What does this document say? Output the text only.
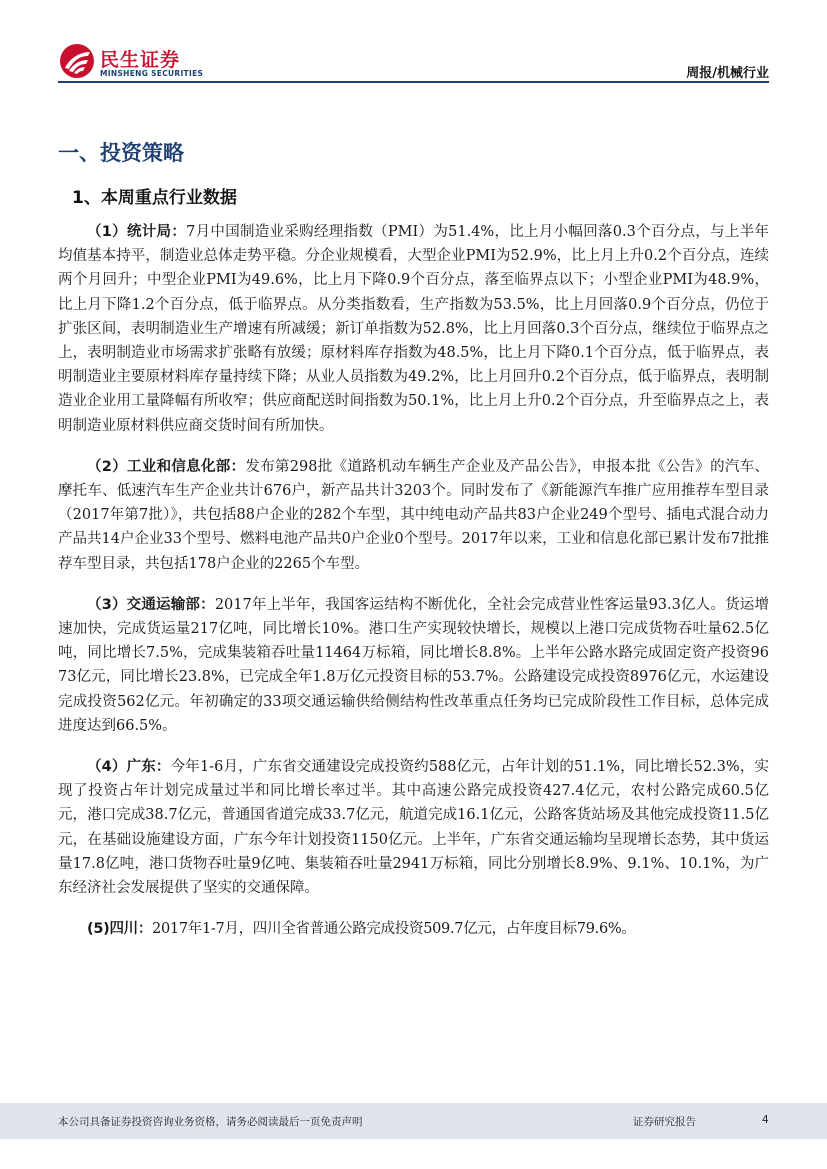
民生证券
MINSHENG SECURITIES	周报/机械行业
一、投资策略
1、本周重点行业数据

（1）统计局：7月中国制造业采购经理指数（PMI）为51.4%，比上月小幅回落0.3个百分点，与上半年均值基本持平，制造业总体走势平稳。分企业规模看，大型企业PMI为52.9%，比上月上升0.2个百分点，连续两个月回升；中型企业PMI为49.6%，比上月下降0.9个百分点，落至临界点以下；小型企业PMI为48.9%，比上月下降1.2个百分点，低于临界点。从分类指数看，生产指数为53.5%，比上月回落0.9个百分点，仍位于扩张区间，表明制造业生产增速有所减缓；新订单指数为52.8%，比上月回落0.3个百分点，继续位于临界点之上，表明制造业市场需求扩张略有放缓；原材料库存指数为48.5%，比上月下降0.1个百分点，低于临界点，表明制造业主要原材料库存量持续下降；从业人员指数为49.2%，比上月回升0.2个百分点，低于临界点，表明制造业企业用工量降幅有所收窄；供应商配送时间指数为50.1%，比上月上升0.2个百分点，升至临界点之上，表明制造业原材料供应商交货时间有所加快。

（2）工业和信息化部：发布第298批《道路机动车辆生产企业及产品公告》，申报本批《公告》的汽车、摩托车、低速汽车生产企业共计676户，新产品共计3203个。同时发布了《新能源汽车推广应用推荐车型目录（2017年第7批）》，共包括88户企业的282个车型，其中纯电动产品共83户企业249个型号、插电式混合动力产品共14户企业33个型号、燃料电池产品共0户企业0个型号。2017年以来，工业和信息化部已累计发布7批推荐车型目录，共包括178户企业的2265个车型。

（3）交通运输部：2017年上半年，我国客运结构不断优化，全社会完成营业性客运量93.3亿人。货运增速加快，完成货运量217亿吨，同比增长10%。港口生产实现较快增长，规模以上港口完成货物吞吐量62.5亿吨，同比增长7.5%，完成集装箱吞吐量11464万标箱，同比增长8.8%。上半年公路水路完成固定资产投资9673亿元，同比增长23.8%，已完成全年1.8万亿元投资目标的53.7%。公路建设完成投资8976亿元，水运建设完成投资562亿元。年初确定的33项交通运输供给侧结构性改革重点任务均已完成阶段性工作目标，总体完成进度达到66.5%。

（4）广东：今年1-6月，广东省交通建设完成投资约588亿元，占年计划的51.1%，同比增长52.3%，实现了投资占年计划完成量过半和同比增长率过半。其中高速公路完成投资427.4亿元，农村公路完成60.5亿元，港口完成38.7亿元，普通国省道完成33.7亿元，航道完成16.1亿元，公路客货站场及其他完成投资11.5亿元，在基础设施建设方面，广东今年计划投资1150亿元。上半年，广东省交通运输均呈现增长态势，其中货运量17.8亿吨，港口货物吞吐量9亿吨、集装箱吞吐量2941万标箱，同比分别增长8.9%、9.1%、10.1%，为广东经济社会发展提供了坚实的交通保障。

(5)四川：2017年1-7月，四川全省普通公路完成投资509.7亿元，占年度目标79.6%。

本公司具备证券投资咨询业务资格，请务必阅读最后一页免责声明	证券研究报告	4
